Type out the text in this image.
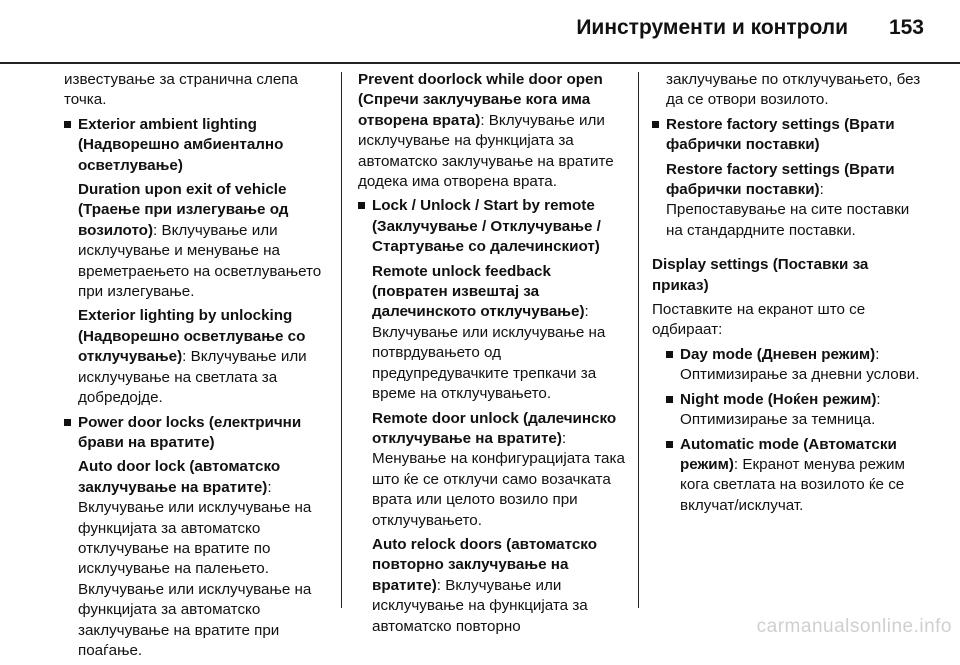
Иинструменти и контроли 153

известување за странична слепа точка.

Exterior ambient lighting (Надворешно амбиентално осветлување)

Duration upon exit of vehicle (Траење при излегување од возилото): Вклучување или исклучување и менување на времетраењето на осветлувањето при излегување.

Exterior lighting by unlocking (Надворешно осветлување со отклучување): Вклучување или исклучување на светлата за добредојде.

Power door locks (електрични брави на вратите)

Auto door lock (автоматско заклучување на вратите): Вклучување или исклучување на функцијата за автоматско отклучување на вратите по исклучување на палењето. Вклучување или исклучување на функцијата за автоматско заклучување на вратите при поаѓање.

Prevent doorlock while door open (Спречи заклучување кога има отворена врата): Вклучување или исклучување на функцијата за автоматско заклучување на вратите додека има отворена врата.

Lock / Unlock / Start by remote (Заклучување / Отклучување / Стартување со далечинскиот)

Remote unlock feedback (повратен извештај за далечинското отклучување): Вклучување или исклучување на потврдувањето од предупредувачките трепкачи за време на отклучувањето.

Remote door unlock (далечинско отклучување на вратите): Менување на конфигурацијата така што ќе се отклучи само возачката врата или целото возило при отклучувањето.

Auto relock doors (автоматско повторно заклучување на вратите): Вклучување или исклучување на функцијата за автоматско повторно

заклучување по отклучувањето, без да се отвори возилото.

Restore factory settings (Врати фабрички поставки)

Restore factory settings (Врати фабрички поставки): Препоставување на сите поставки на стандардните поставки.

Display settings (Поставки за приказ)

Поставките на екранот што се одбираат:

Day mode (Дневен режим): Оптимизирање за дневни услови.

Night mode (Ноќен режим): Оптимизирање за темница.

Automatic mode (Автоматски режим): Екранот менува режим кога светлата на возилото ќе се вклучат/исклучат.

carmanualsonline.info
